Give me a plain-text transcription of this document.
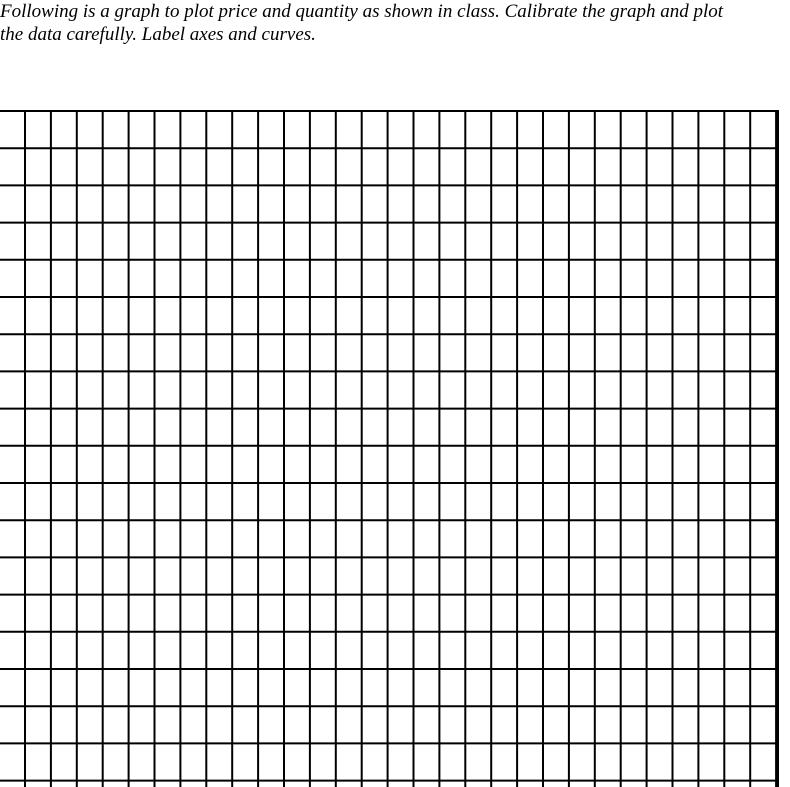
Following is a graph to plot price and quantity as shown in class. Calibrate the graph and plot
the data carefully. Label axes and curves.
